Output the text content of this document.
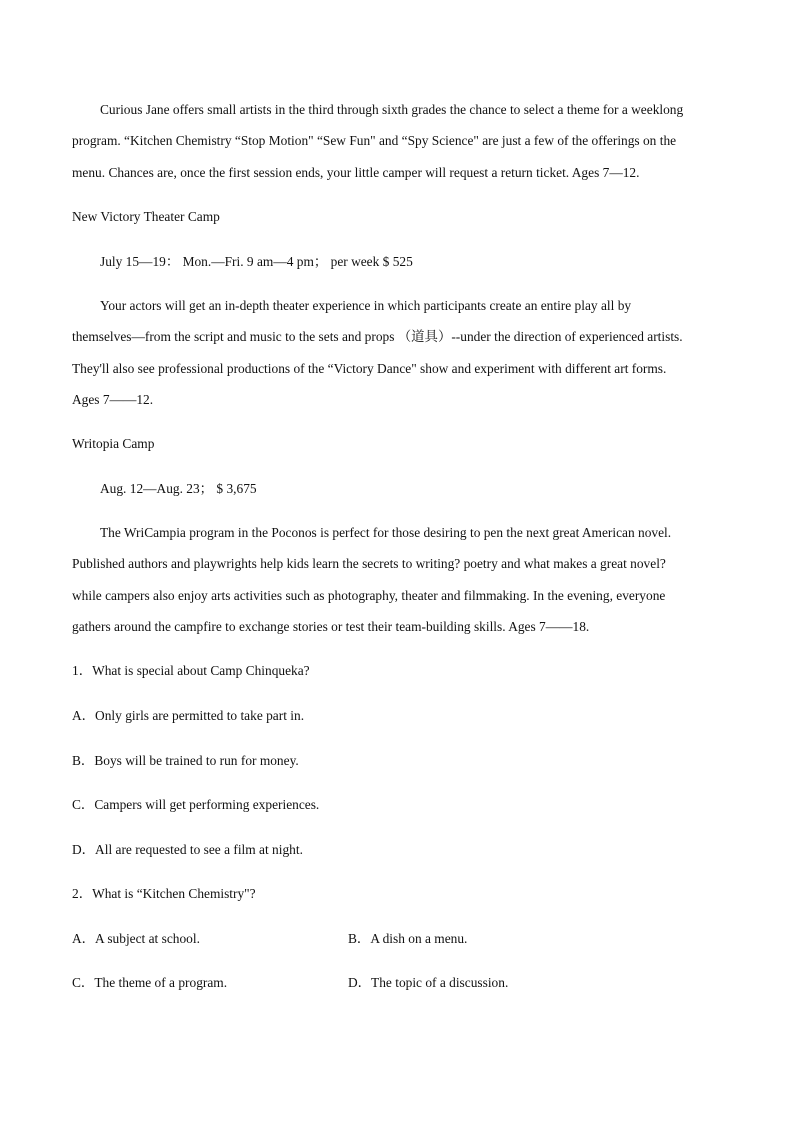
Curious Jane offers small artists in the third through sixth grades the chance to select a theme for a weeklong
program. “Kitchen Chemistry “Stop Motion" “Sew Fun" and “Spy Science" are just a few of the offerings on the
menu. Chances are, once the first session ends, your little camper will request a return ticket. Ages 7—12.
New Victory Theater Camp
July 15—19： Mon.—Fri. 9 am—4 pm； per week $ 525
Your actors will get an in-depth theater experience in which participants create an entire play all by
themselves—from the script and music to the sets and props （道具）--under the direction of experienced artists.
They'll also see professional productions of the “Victory Dance" show and experiment with different art forms.
Ages 7——12.
Writopia Camp
Aug. 12—Aug. 23； $ 3,675
The WriCampia program in the Poconos is perfect for those desiring to pen the next great American novel.
Published authors and playwrights help kids learn the secrets to writing? poetry and what makes a great novel?
while campers also enjoy arts activities such as photography, theater and filmmaking. In the evening, everyone
gathers around the campfire to exchange stories or test their team-building skills. Ages 7——18.
1．What is special about Camp Chinqueka?
A．Only girls are permitted to take part in.
B．Boys will be trained to run for money.
C．Campers will get performing experiences.
D．All are requested to see a film at night.
2．What is “Kitchen Chemistry"?
A．A subject at school.	B．A dish on a menu.
C．The theme of a program.	D．The topic of a discussion.
